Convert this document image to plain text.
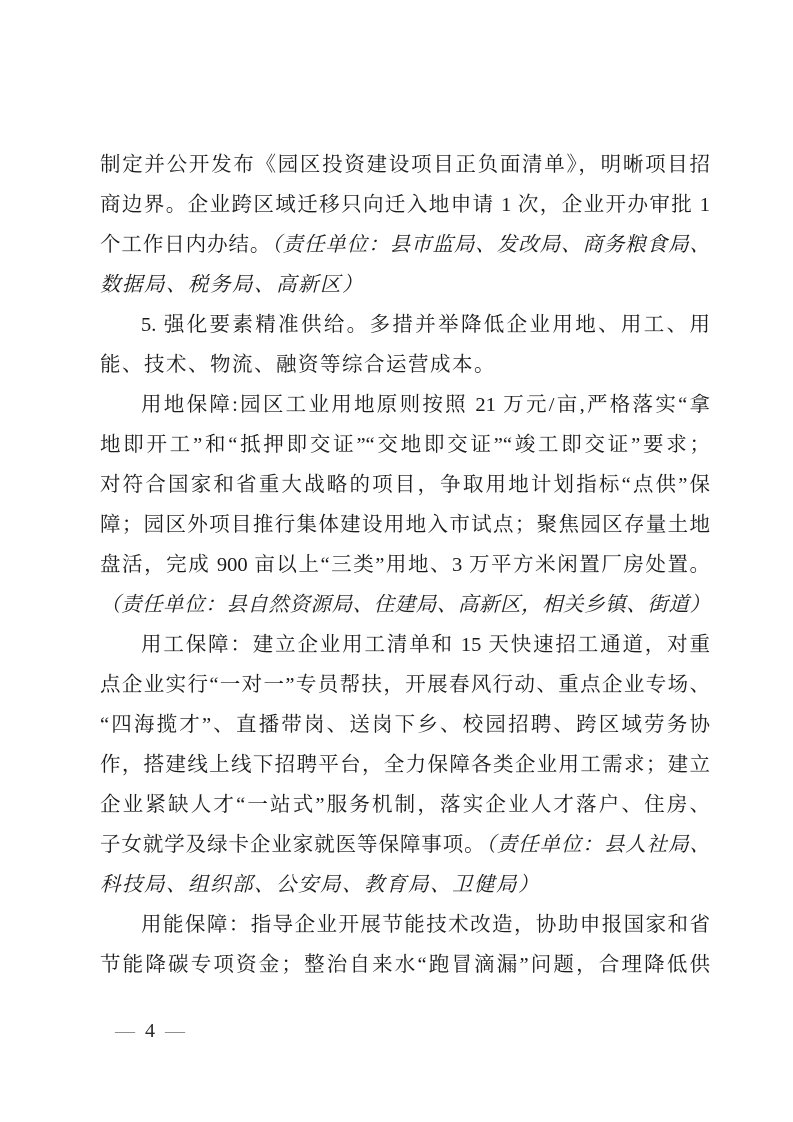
制定并公开发布《园区投资建设项目正负面清单》，明晰项目招
商边界。企业跨区域迁移只向迁入地申请 1 次，企业开办审批 1
个工作日内办结。（责任单位：县市监局、发改局、商务粮食局、
数据局、税务局、高新区）
5. 强化要素精准供给。多措并举降低企业用地、用工、用
能、技术、物流、融资等综合运营成本。
用地保障:园区工业用地原则按照 21 万元/亩,严格落实“拿
地即开工”和“抵押即交证”“交地即交证”“竣工即交证”要求；
对符合国家和省重大战略的项目，争取用地计划指标“点供”保
障；园区外项目推行集体建设用地入市试点；聚焦园区存量土地
盘活，完成 900 亩以上“三类”用地、3 万平方米闲置厂房处置。
（责任单位：县自然资源局、住建局、高新区，相关乡镇、街道）
用工保障：建立企业用工清单和 15 天快速招工通道，对重
点企业实行“一对一”专员帮扶，开展春风行动、重点企业专场、
“四海揽才”、直播带岗、送岗下乡、校园招聘、跨区域劳务协
作，搭建线上线下招聘平台，全力保障各类企业用工需求；建立
企业紧缺人才“一站式”服务机制，落实企业人才落户、住房、
子女就学及绿卡企业家就医等保障事项。（责任单位：县人社局、
科技局、组织部、公安局、教育局、卫健局）
用能保障：指导企业开展节能技术改造，协助申报国家和省
节能降碳专项资金；整治自来水“跑冒滴漏”问题，合理降低供
— 4 —
